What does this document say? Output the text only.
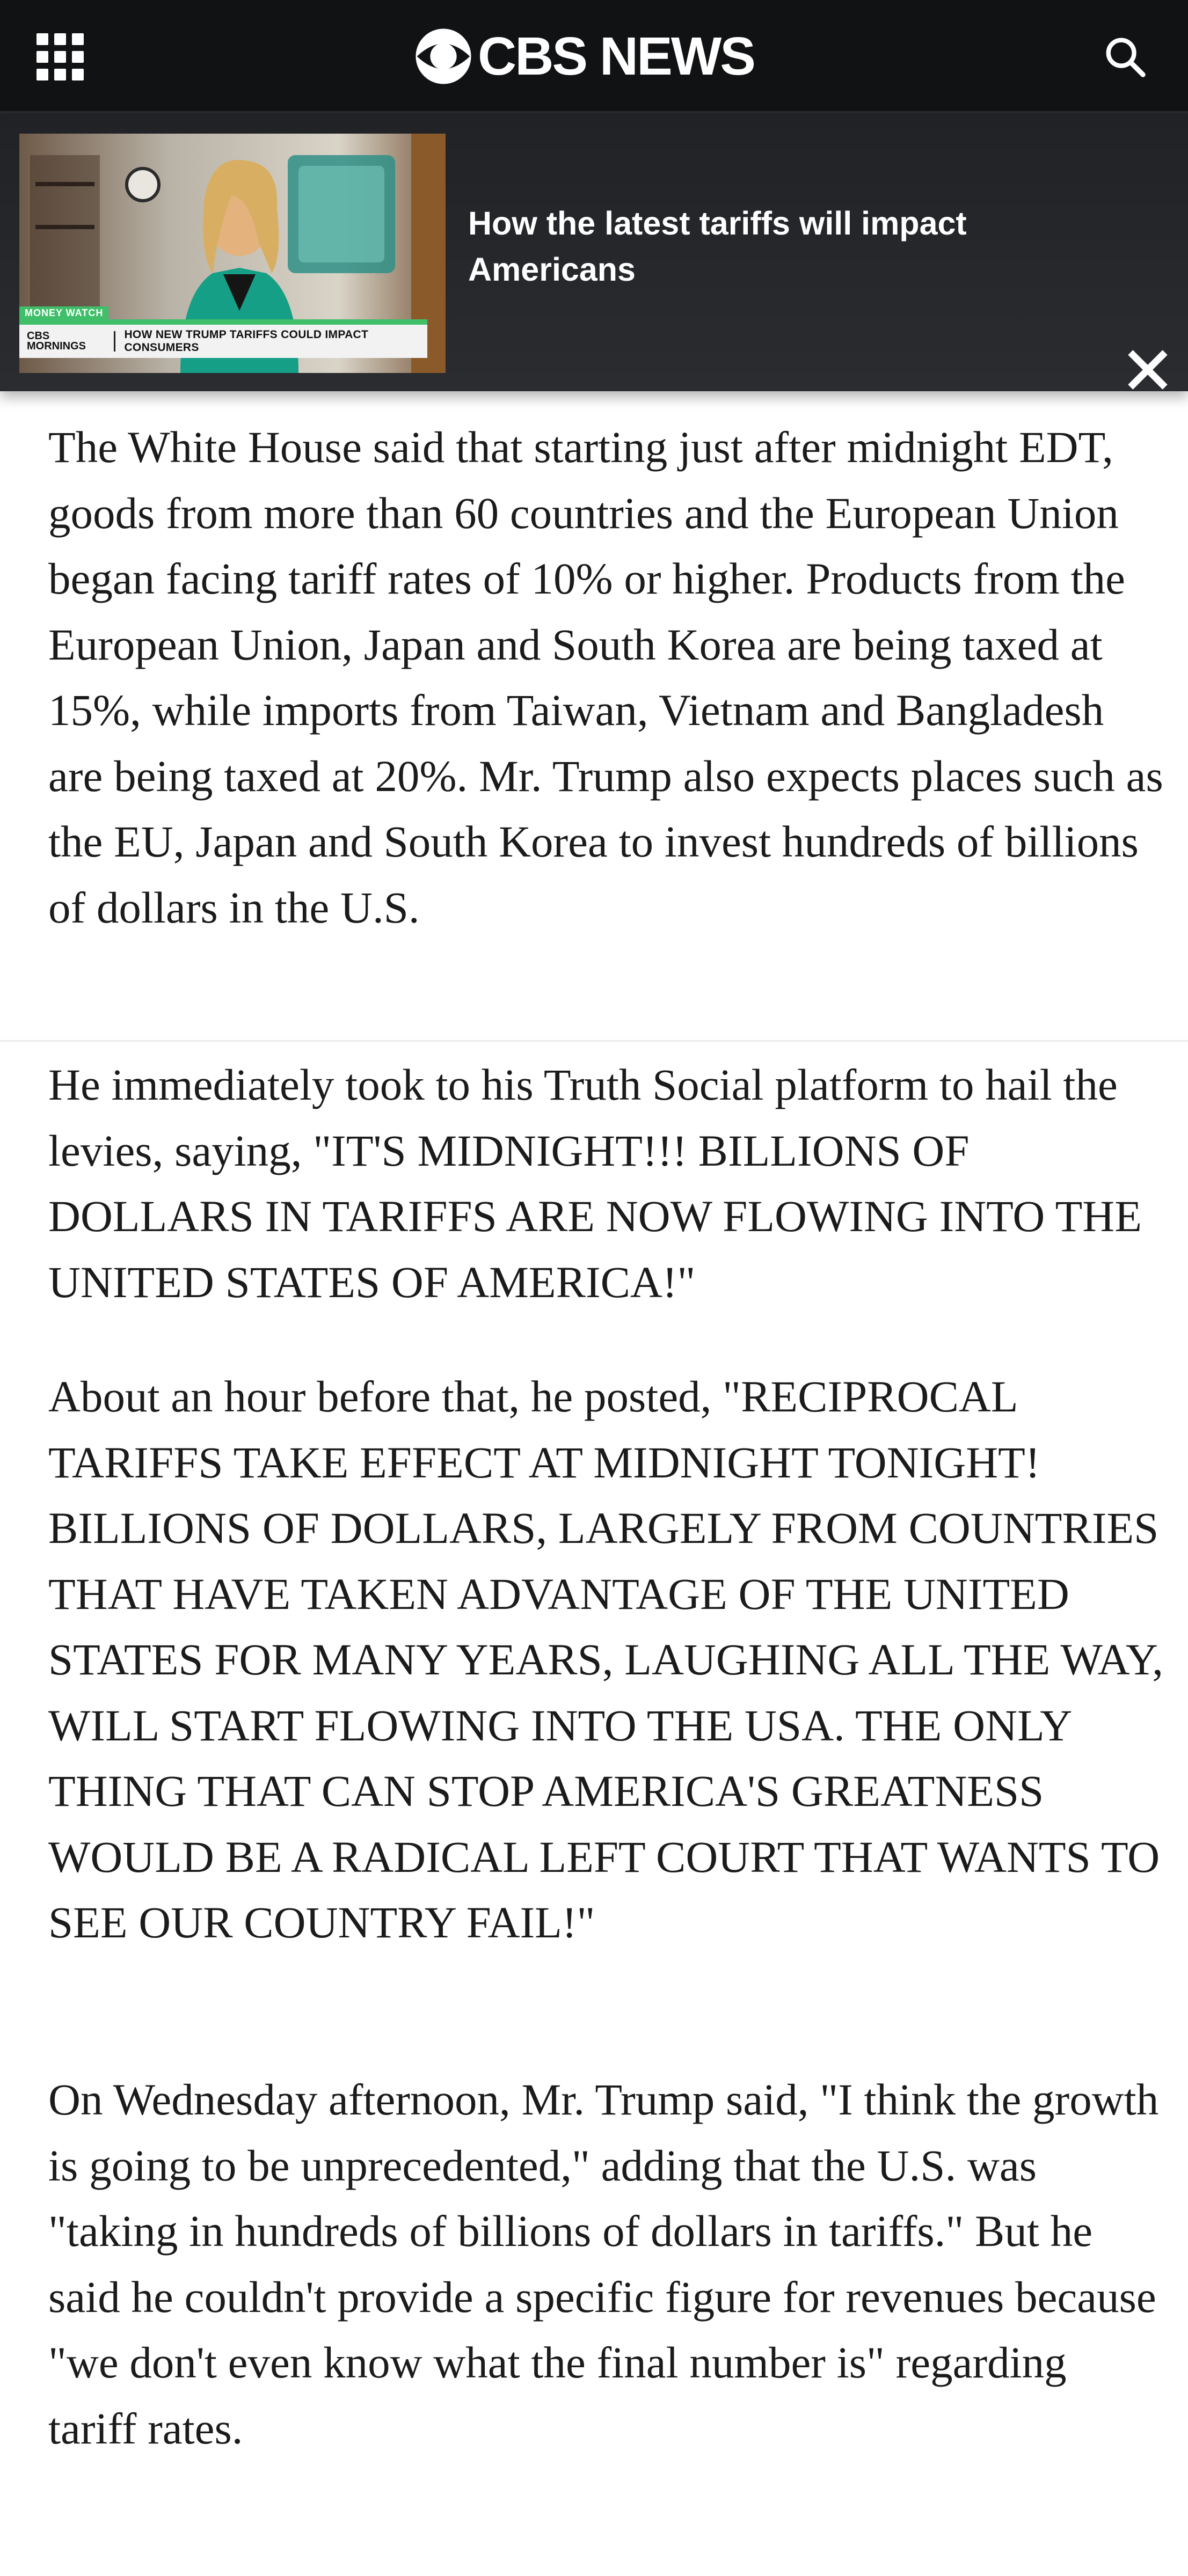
CBS NEWS
MONEY WATCH
CBS MORNINGS
HOW NEW TRUMP TARIFFS COULD IMPACT CONSUMERS
How the latest tariffs will impact Americans

The White House said that starting just after midnight EDT, goods from more than 60 countries and the European Union began facing tariff rates of 10% or higher. Products from the European Union, Japan and South Korea are being taxed at 15%, while imports from Taiwan, Vietnam and Bangladesh are being taxed at 20%. Mr. Trump also expects places such as the EU, Japan and South Korea to invest hundreds of billions of dollars in the U.S.

He immediately took to his Truth Social platform to hail the levies, saying, "IT'S MIDNIGHT!!! BILLIONS OF DOLLARS IN TARIFFS ARE NOW FLOWING INTO THE UNITED STATES OF AMERICA!"

About an hour before that, he posted, "RECIPROCAL TARIFFS TAKE EFFECT AT MIDNIGHT TONIGHT! BILLIONS OF DOLLARS, LARGELY FROM COUNTRIES THAT HAVE TAKEN ADVANTAGE OF THE UNITED STATES FOR MANY YEARS, LAUGHING ALL THE WAY, WILL START FLOWING INTO THE USA. THE ONLY THING THAT CAN STOP AMERICA'S GREATNESS WOULD BE A RADICAL LEFT COURT THAT WANTS TO SEE OUR COUNTRY FAIL!"

On Wednesday afternoon, Mr. Trump said, "I think the growth is going to be unprecedented," adding that the U.S. was "taking in hundreds of billions of dollars in tariffs." But he said he couldn't provide a specific figure for revenues because "we don't even know what the final number is" regarding tariff rates.
